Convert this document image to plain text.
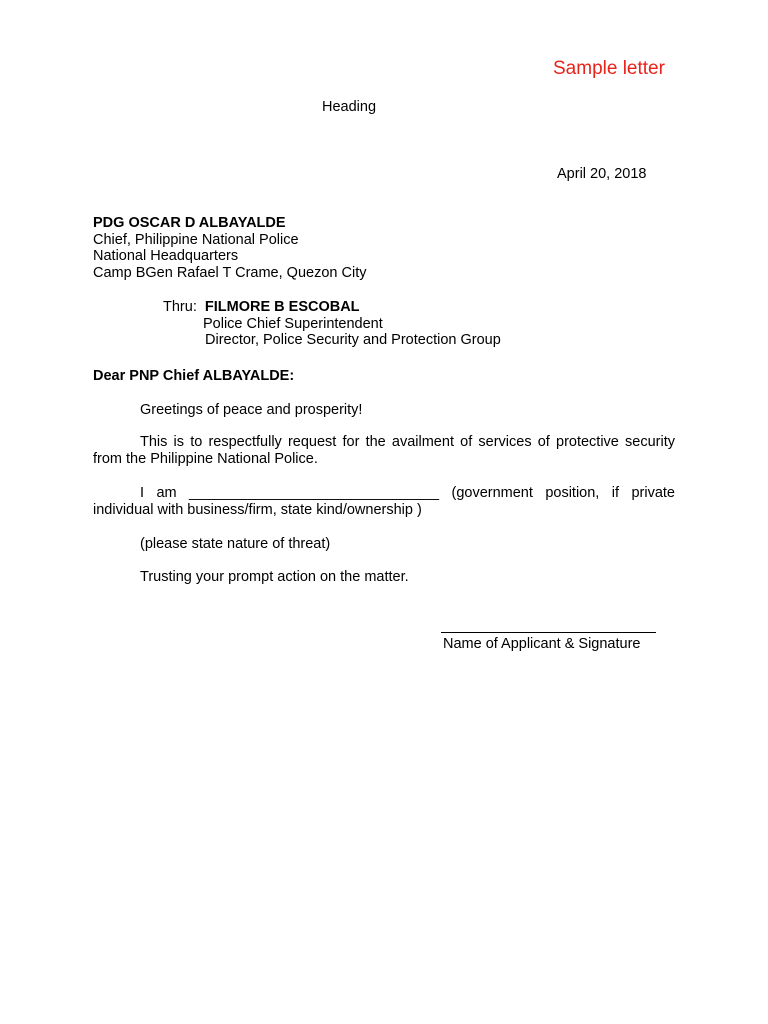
Sample letter
Heading
April 20, 2018
PDG OSCAR D ALBAYALDE
Chief, Philippine National Police
National Headquarters
Camp BGen Rafael T Crame, Quezon City
Thru: FILMORE B ESCOBAL
Police Chief Superintendent
Director, Police Security and Protection Group
Dear PNP Chief ALBAYALDE:
Greetings of peace and prosperity!
This is to respectfully request for the availment of services of protective security from the Philippine National Police.
I am _______________________________ (government position, if private individual with business/firm, state kind/ownership )
(please state nature of threat)
Trusting your prompt action on the matter.
Name of Applicant & Signature
